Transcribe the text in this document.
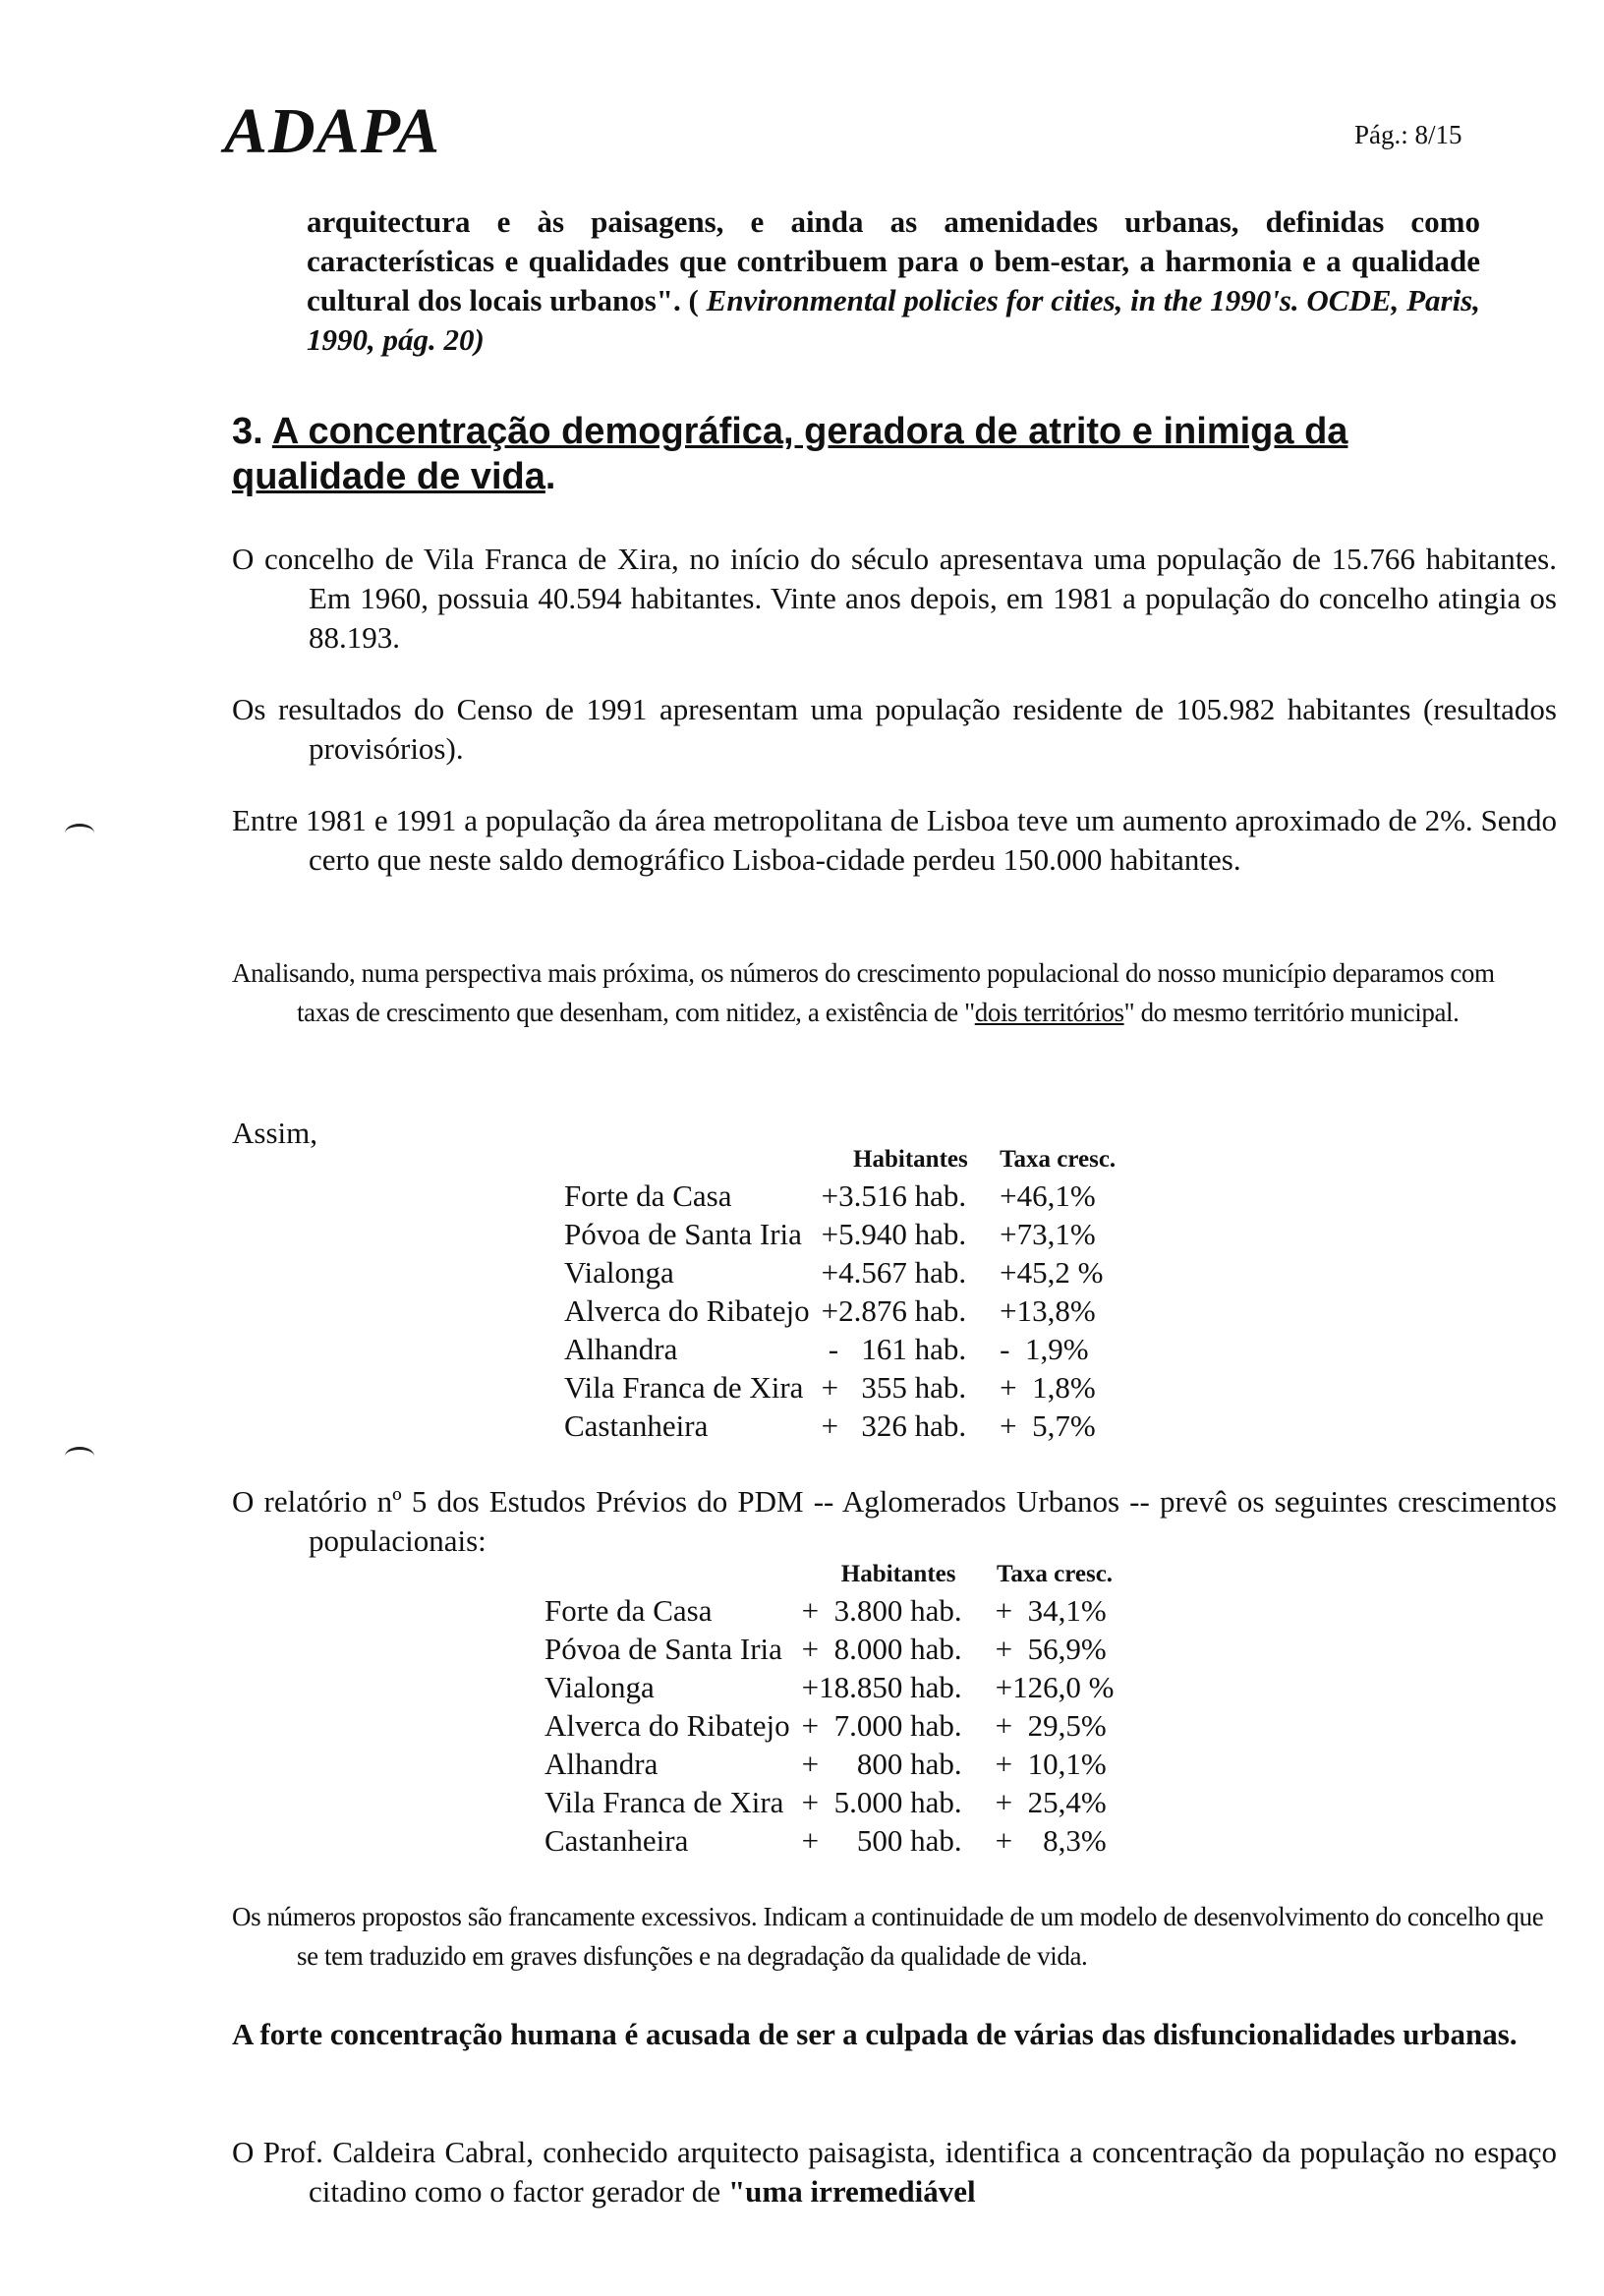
ADAPA	Pág.: 8/15
arquitectura e às paisagens, e ainda as amenidades urbanas, definidas como características e qualidades que contribuem para o bem-estar, a harmonia e a qualidade cultural dos locais urbanos". ( Environmental policies for cities, in the 1990's. OCDE, Paris, 1990, pág. 20)
3. A concentração demográfica, geradora de atrito e inimiga da qualidade de vida.
O concelho de Vila Franca de Xira, no início do século apresentava uma população de 15.766 habitantes. Em 1960, possuia 40.594 habitantes. Vinte anos depois, em 1981 a população do concelho atingia os 88.193.
Os resultados do Censo de 1991 apresentam uma população residente de 105.982 habitantes (resultados provisórios).
Entre 1981 e 1991 a população da área metropolitana de Lisboa teve um aumento aproximado de 2%. Sendo certo que neste saldo demográfico Lisboa-cidade perdeu 150.000 habitantes.
Analisando, numa perspectiva mais próxima, os números do crescimento populacional do nosso município deparamos com taxas de crescimento que desenham, com nitidez, a existência de "dois territórios" do mesmo território municipal.
Assim,
	Habitantes	Taxa cresc.
Forte da Casa	+3.516 hab.	+46,1%
Póvoa de Santa Iria	+5.940 hab.	+73,1%
Vialonga	+4.567 hab.	+45,2 %
Alverca do Ribatejo	+2.876 hab.	+13,8%
Alhandra	-   161 hab.	-  1,9%
Vila Franca de Xira	+   355 hab.	+  1,8%
Castanheira	+   326 hab.	+  5,7%
O relatório nº 5 dos Estudos Prévios do PDM -- Aglomerados Urbanos -- prevê os seguintes crescimentos populacionais:
	Habitantes	Taxa cresc.
Forte da Casa	+  3.800 hab.	+  34,1%
Póvoa de Santa Iria	+  8.000 hab.	+  56,9%
Vialonga	+18.850 hab.	+126,0 %
Alverca do Ribatejo	+  7.000 hab.	+  29,5%
Alhandra	+     800 hab.	+  10,1%
Vila Franca de Xira	+  5.000 hab.	+  25,4%
Castanheira	+     500 hab.	+    8,3%
Os números propostos são francamente excessivos. Indicam a continuidade de um modelo de desenvolvimento do concelho que se tem traduzido em graves disfunções e na degradação da qualidade de vida.
A forte concentração humana é acusada de ser a culpada de várias das disfuncionalidades urbanas.
O Prof. Caldeira Cabral, conhecido arquitecto paisagista, identifica a concentração da população no espaço citadino como o factor gerador de "uma irremediável
